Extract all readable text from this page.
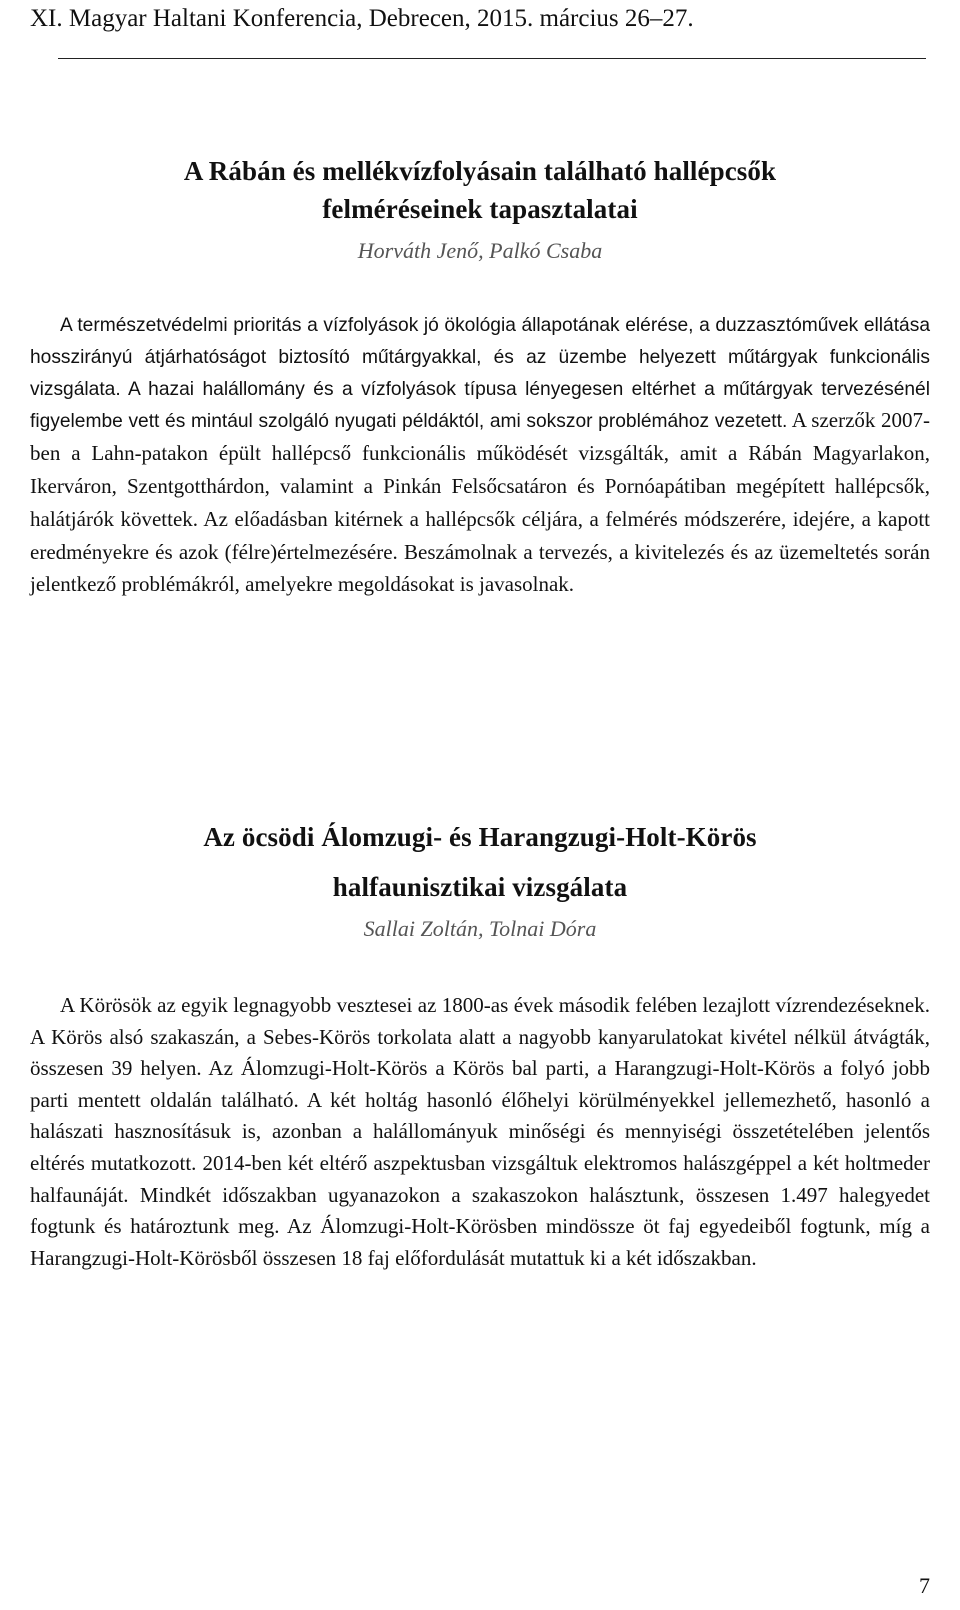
XI. Magyar Haltani Konferencia, Debrecen, 2015. március 26–27.
A Rábán és mellékvízfolyásain található hallépcsők
felméréseinek tapasztalatai

Horváth Jenő, Palkó Csaba

A természetvédelmi prioritás a vízfolyások jó ökológia állapotának elérése, a duzzasztóművek ellátása hosszirányú átjárhatóságot biztosító műtárgyakkal, és az üzembe helyezett műtárgyak funkcionális vizsgálata. A hazai halállomány és a vízfolyások típusa lényegesen eltérhet a műtárgyak tervezésénél figyelembe vett és mintául szolgáló nyugati példáktól, ami sokszor problémához vezetett. A szerzők 2007-ben a Lahn-patakon épült hallépcső funkcionális működését vizsgálták, amit a Rábán Magyarlakon, Ikerváron, Szentgotthárdon, valamint a Pinkán Felsőcsatáron és Pornóapátiban megépített hallépcsők, halátjárók követtek. Az előadásban kitérnek a hallépcsők céljára, a felmérés módszerére, idejére, a kapott eredményekre és azok (félre)értelmezésére. Beszámolnak a tervezés, a kivitelezés és az üzemeltetés során jelentkező problémákról, amelyekre megoldásokat is javasolnak.

Az öcsödi Álomzugi- és Harangzugi-Holt-Körös
halfaunisztikai vizsgálata

Sallai Zoltán, Tolnai Dóra

A Körösök az egyik legnagyobb vesztesei az 1800-as évek második felében lezajlott vízrendezéseknek. A Körös alsó szakaszán, a Sebes-Körös torkolata alatt a nagyobb kanyarulatokat kivétel nélkül átvágták, összesen 39 helyen. Az Álomzugi-Holt-Körös a Körös bal parti, a Harangzugi-Holt-Körös a folyó jobb parti mentett oldalán található. A két holtág hasonló élőhelyi körülményekkel jellemezhető, hasonló a halászati hasznosításuk is, azonban a halállományuk minőségi és mennyiségi összetételében jelentős eltérés mutatkozott. 2014-ben két eltérő aszpektusban vizsgáltuk elektromos halászgéppel a két holtmeder halfaunáját. Mindkét időszakban ugyanazokon a szakaszokon halásztunk, összesen 1.497 halegyedet fogtunk és határoztunk meg. Az Álomzugi-Holt-Körösben mindössze öt faj egyedeiből fogtunk, míg a Harangzugi-Holt-Körösből összesen 18 faj előfordulását mutattuk ki a két időszakban.

7
